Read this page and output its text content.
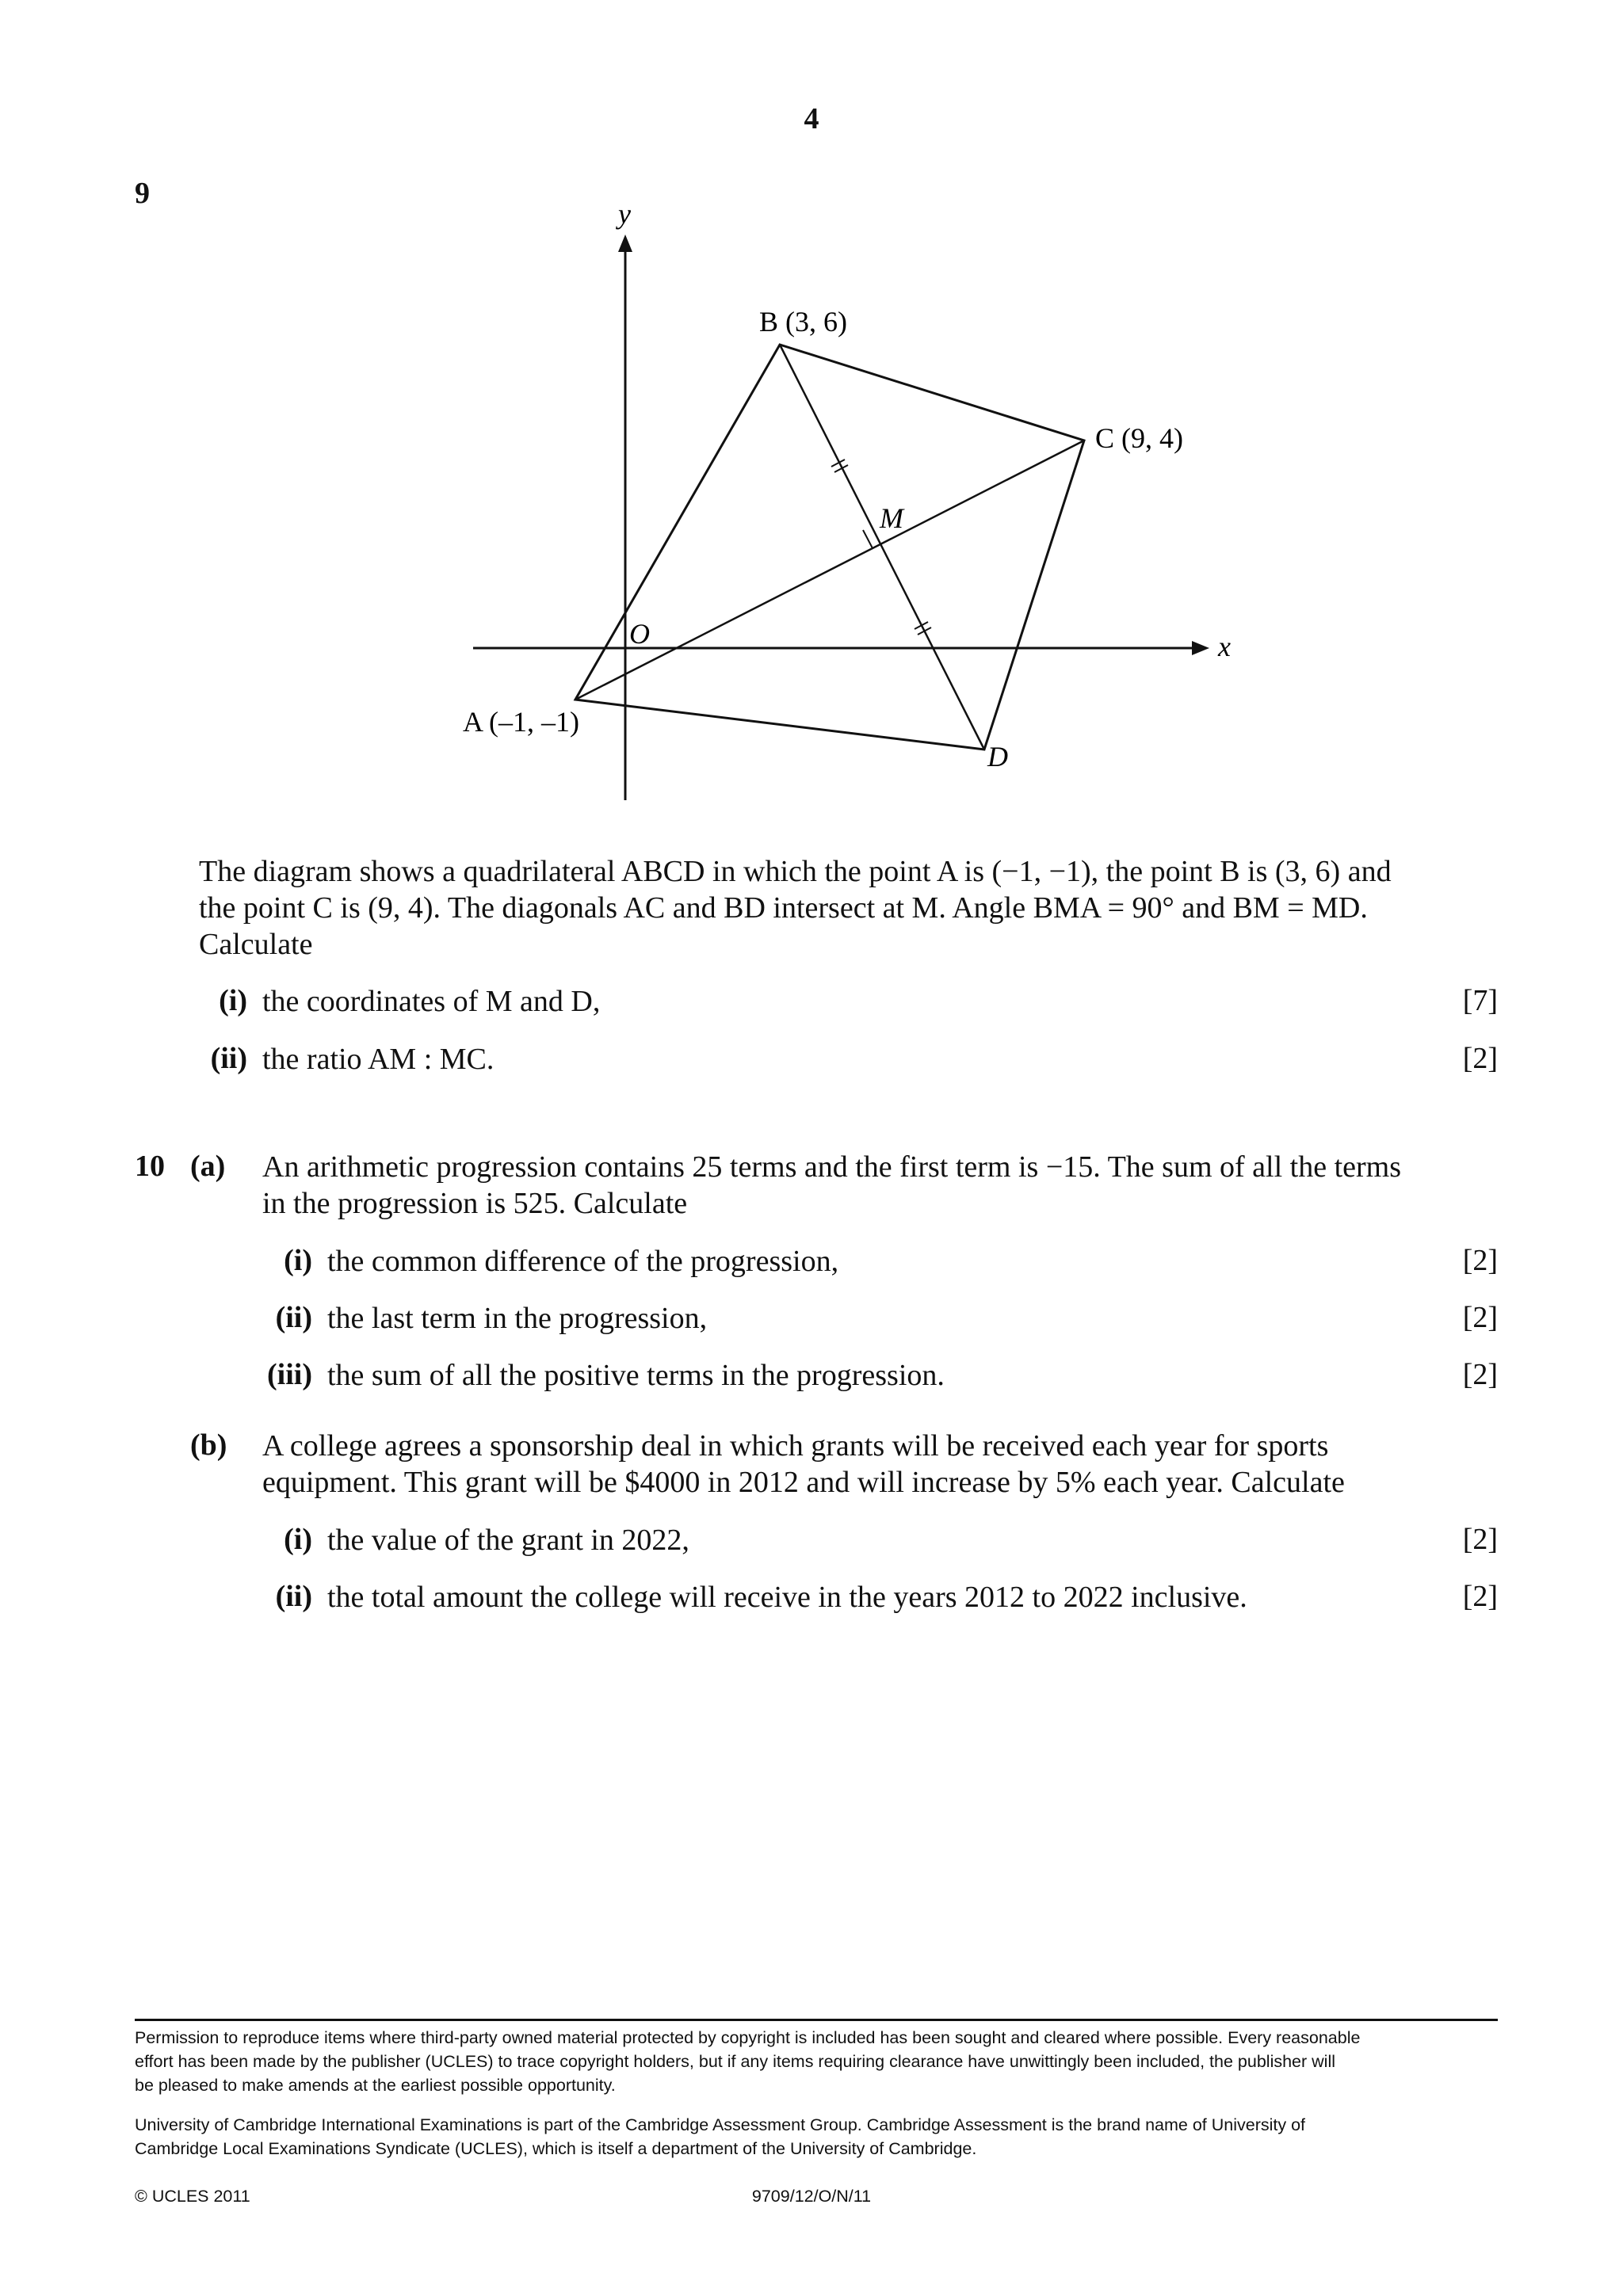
4
9
y
x
O
B (3, 6)
C (9, 4)
M
A (–1, –1)
D
The diagram shows a quadrilateral ABCD in which the point A is (−1, −1), the point B is (3, 6) and
the point C is (9, 4). The diagonals AC and BD intersect at M. Angle BMA = 90° and BM = MD.
Calculate
(i) the coordinates of M and D,	[7]
(ii) the ratio AM : MC.	[2]
10 (a)	An arithmetic progression contains 25 terms and the first term is −15. The sum of all the terms
in the progression is 525. Calculate
(i) the common difference of the progression,	[2]
(ii) the last term in the progression,	[2]
(iii) the sum of all the positive terms in the progression.	[2]
(b)	A college agrees a sponsorship deal in which grants will be received each year for sports
equipment. This grant will be $4000 in 2012 and will increase by 5% each year. Calculate
(i) the value of the grant in 2022,	[2]
(ii) the total amount the college will receive in the years 2012 to 2022 inclusive.	[2]
Permission to reproduce items where third-party owned material protected by copyright is included has been sought and cleared where possible. Every reasonable
effort has been made by the publisher (UCLES) to trace copyright holders, but if any items requiring clearance have unwittingly been included, the publisher will
be pleased to make amends at the earliest possible opportunity.
University of Cambridge International Examinations is part of the Cambridge Assessment Group. Cambridge Assessment is the brand name of University of
Cambridge Local Examinations Syndicate (UCLES), which is itself a department of the University of Cambridge.
© UCLES 2011	9709/12/O/N/11
